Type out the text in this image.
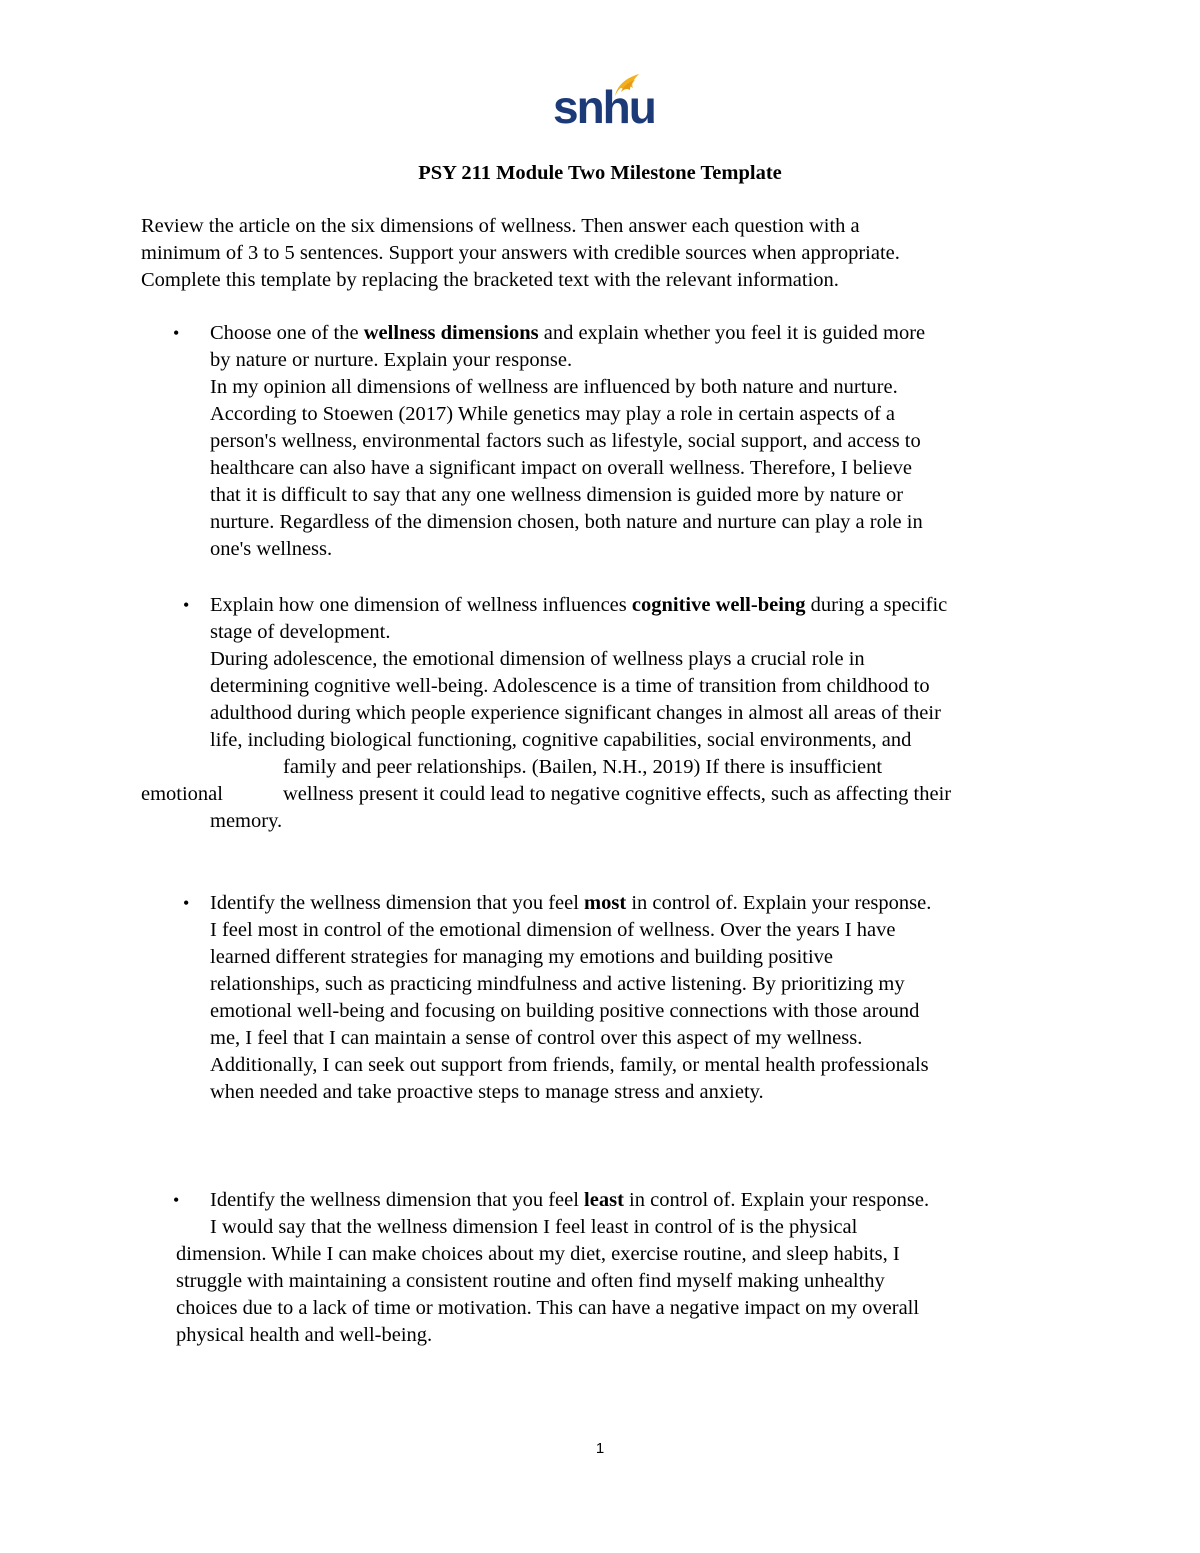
snhu
PSY 211 Module Two Milestone Template
Review the article on the six dimensions of wellness. Then answer each question with a
minimum of 3 to 5 sentences. Support your answers with credible sources when appropriate.
Complete this template by replacing the bracketed text with the relevant information.
• Choose one of the wellness dimensions and explain whether you feel it is guided more
by nature or nurture. Explain your response.
In my opinion all dimensions of wellness are influenced by both nature and nurture.
According to Stoewen (2017) While genetics may play a role in certain aspects of a
person's wellness, environmental factors such as lifestyle, social support, and access to
healthcare can also have a significant impact on overall wellness. Therefore, I believe
that it is difficult to say that any one wellness dimension is guided more by nature or
nurture. Regardless of the dimension chosen, both nature and nurture can play a role in
one's wellness.
• Explain how one dimension of wellness influences cognitive well-being during a specific
stage of development.
During adolescence, the emotional dimension of wellness plays a crucial role in
determining cognitive well-being. Adolescence is a time of transition from childhood to
adulthood during which people experience significant changes in almost all areas of their
life, including biological functioning, cognitive capabilities, social environments, and
family and peer relationships. (Bailen, N.H., 2019) If there is insufficient
emotional	wellness present it could lead to negative cognitive effects, such as affecting their
memory.
• Identify the wellness dimension that you feel most in control of. Explain your response.
I feel most in control of the emotional dimension of wellness. Over the years I have
learned different strategies for managing my emotions and building positive
relationships, such as practicing mindfulness and active listening. By prioritizing my
emotional well-being and focusing on building positive connections with those around
me, I feel that I can maintain a sense of control over this aspect of my wellness.
Additionally, I can seek out support from friends, family, or mental health professionals
when needed and take proactive steps to manage stress and anxiety.
• Identify the wellness dimension that you feel least in control of. Explain your response.
I would say that the wellness dimension I feel least in control of is the physical
dimension. While I can make choices about my diet, exercise routine, and sleep habits, I
struggle with maintaining a consistent routine and often find myself making unhealthy
choices due to a lack of time or motivation. This can have a negative impact on my overall
physical health and well-being.
1
